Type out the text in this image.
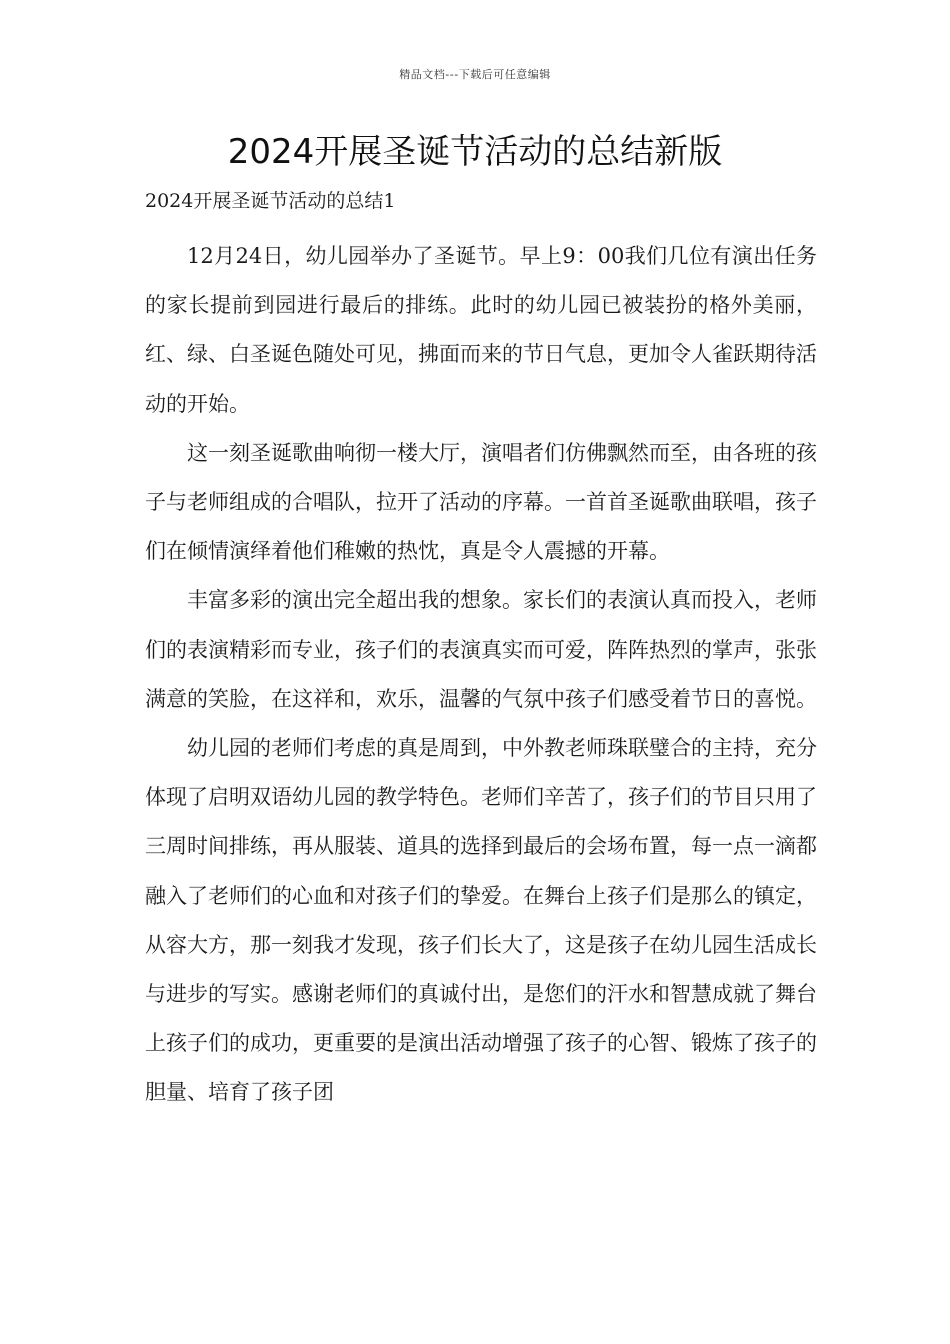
精品文档---下载后可任意编辑
2024开展圣诞节活动的总结新版

2024开展圣诞节活动的总结1

12月24日，幼儿园举办了圣诞节。早上9：00我们几位有演出任务的家长提前到园进行最后的排练。此时的幼儿园已被装扮的格外美丽，红、绿、白圣诞色随处可见，拂面而来的节日气息，更加令人雀跃期待活动的开始。

这一刻圣诞歌曲响彻一楼大厅，演唱者们仿佛飘然而至，由各班的孩子与老师组成的合唱队，拉开了活动的序幕。一首首圣诞歌曲联唱，孩子们在倾情演绎着他们稚嫩的热忱，真是令人震撼的开幕。

丰富多彩的演出完全超出我的想象。家长们的表演认真而投入，老师们的表演精彩而专业，孩子们的表演真实而可爱，阵阵热烈的掌声，张张满意的笑脸，在这祥和，欢乐，温馨的气氛中孩子们感受着节日的喜悦。

幼儿园的老师们考虑的真是周到，中外教老师珠联璧合的主持，充分体现了启明双语幼儿园的教学特色。老师们辛苦了，孩子们的节目只用了三周时间排练，再从服装、道具的选择到最后的会场布置，每一点一滴都融入了老师们的心血和对孩子们的挚爱。在舞台上孩子们是那么的镇定，从容大方，那一刻我才发现，孩子们长大了，这是孩子在幼儿园生活成长与进步的写实。感谢老师们的真诚付出，是您们的汗水和智慧成就了舞台上孩子们的成功，更重要的是演出活动增强了孩子的心智、锻炼了孩子的胆量、培育了孩子团
